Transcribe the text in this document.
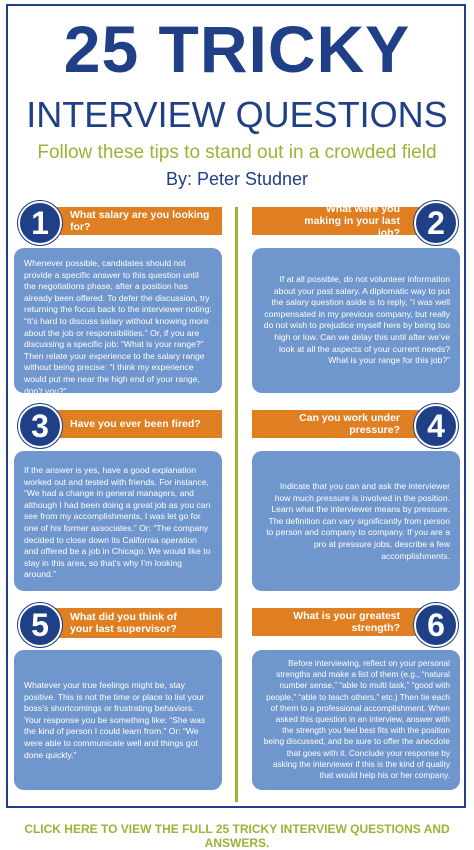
25 TRICKY
INTERVIEW QUESTIONS
Follow these tips to stand out in a crowded field
By: Peter Studner
What salary are you looking for?
1
Whenever possible, candidates should not provide a specific answer to this question until the negotiations phase, after a position has already been offered. To defer the discussion, try returning the focus back to the interviewer noting: “It’s hard to discuss salary without knowing more about the job or responsibilities.” Or, if you are discussing a specific job: “What is your range?” Then relate your experience to the salary range without being precise: “I think my experience would put me near the high end of your range, don’t you?”
What were you making in your last job? 2
If at all possible, do not volunteer information about your past salary. A diplomatic way to put the salary question aside is to reply, “I was well compensated in my previous company, but really do not wish to prejudice myself here by being too high or low. Can we delay this until after we’ve look at all the aspects of your current needs? What is your range for this job?”
Have you ever been fired?
3
If the answer is yes, have a good explanation worked out and tested with friends. For instance, “We had a change in general managers, and although I had been doing a great job as you can see from my accomplishments, I was let go for one of his former associates.” Or: “The company decided to close down its California operation and offered be a job in Chicago. We would like to stay in this area, so that’s why I’m looking around.”
Can you work under pressure? 4
Indicate that you can and ask the interviewer how much pressure is involved in the position. Learn what the interviewer means by pressure. The definition can vary significantly from person to person and company to company. If you are a pro at pressure jobs, describe a few accomplishments.
What did you think of your last supervisor?
5
Whatever your true feelings might be, stay positive. This is not the time or place to list your boss’s shortcomings or frustrating behaviors. Your response you be something like: “She was the kind of person I could learn from.” Or: “We were able to communicate well and things got done quickly.”
What is your greatest strength? 6
Before interviewing, reflect on your personal strengths and make a list of them (e.g., “natural number sense,” “able to multi task,” “good with people,” “able to teach others,” etc.) Then tie each of them to a professional accomplishment. When asked this question in an interview, answer with the strength you feel best fits with the position being discussed, and be sure to offer the anecdote that goes with it. Conclude your response by asking the interviewer if this is the kind of quality that would help his or her company.
CLICK HERE TO VIEW THE FULL 25 TRICKY INTERVIEW QUESTIONS AND ANSWERS.
